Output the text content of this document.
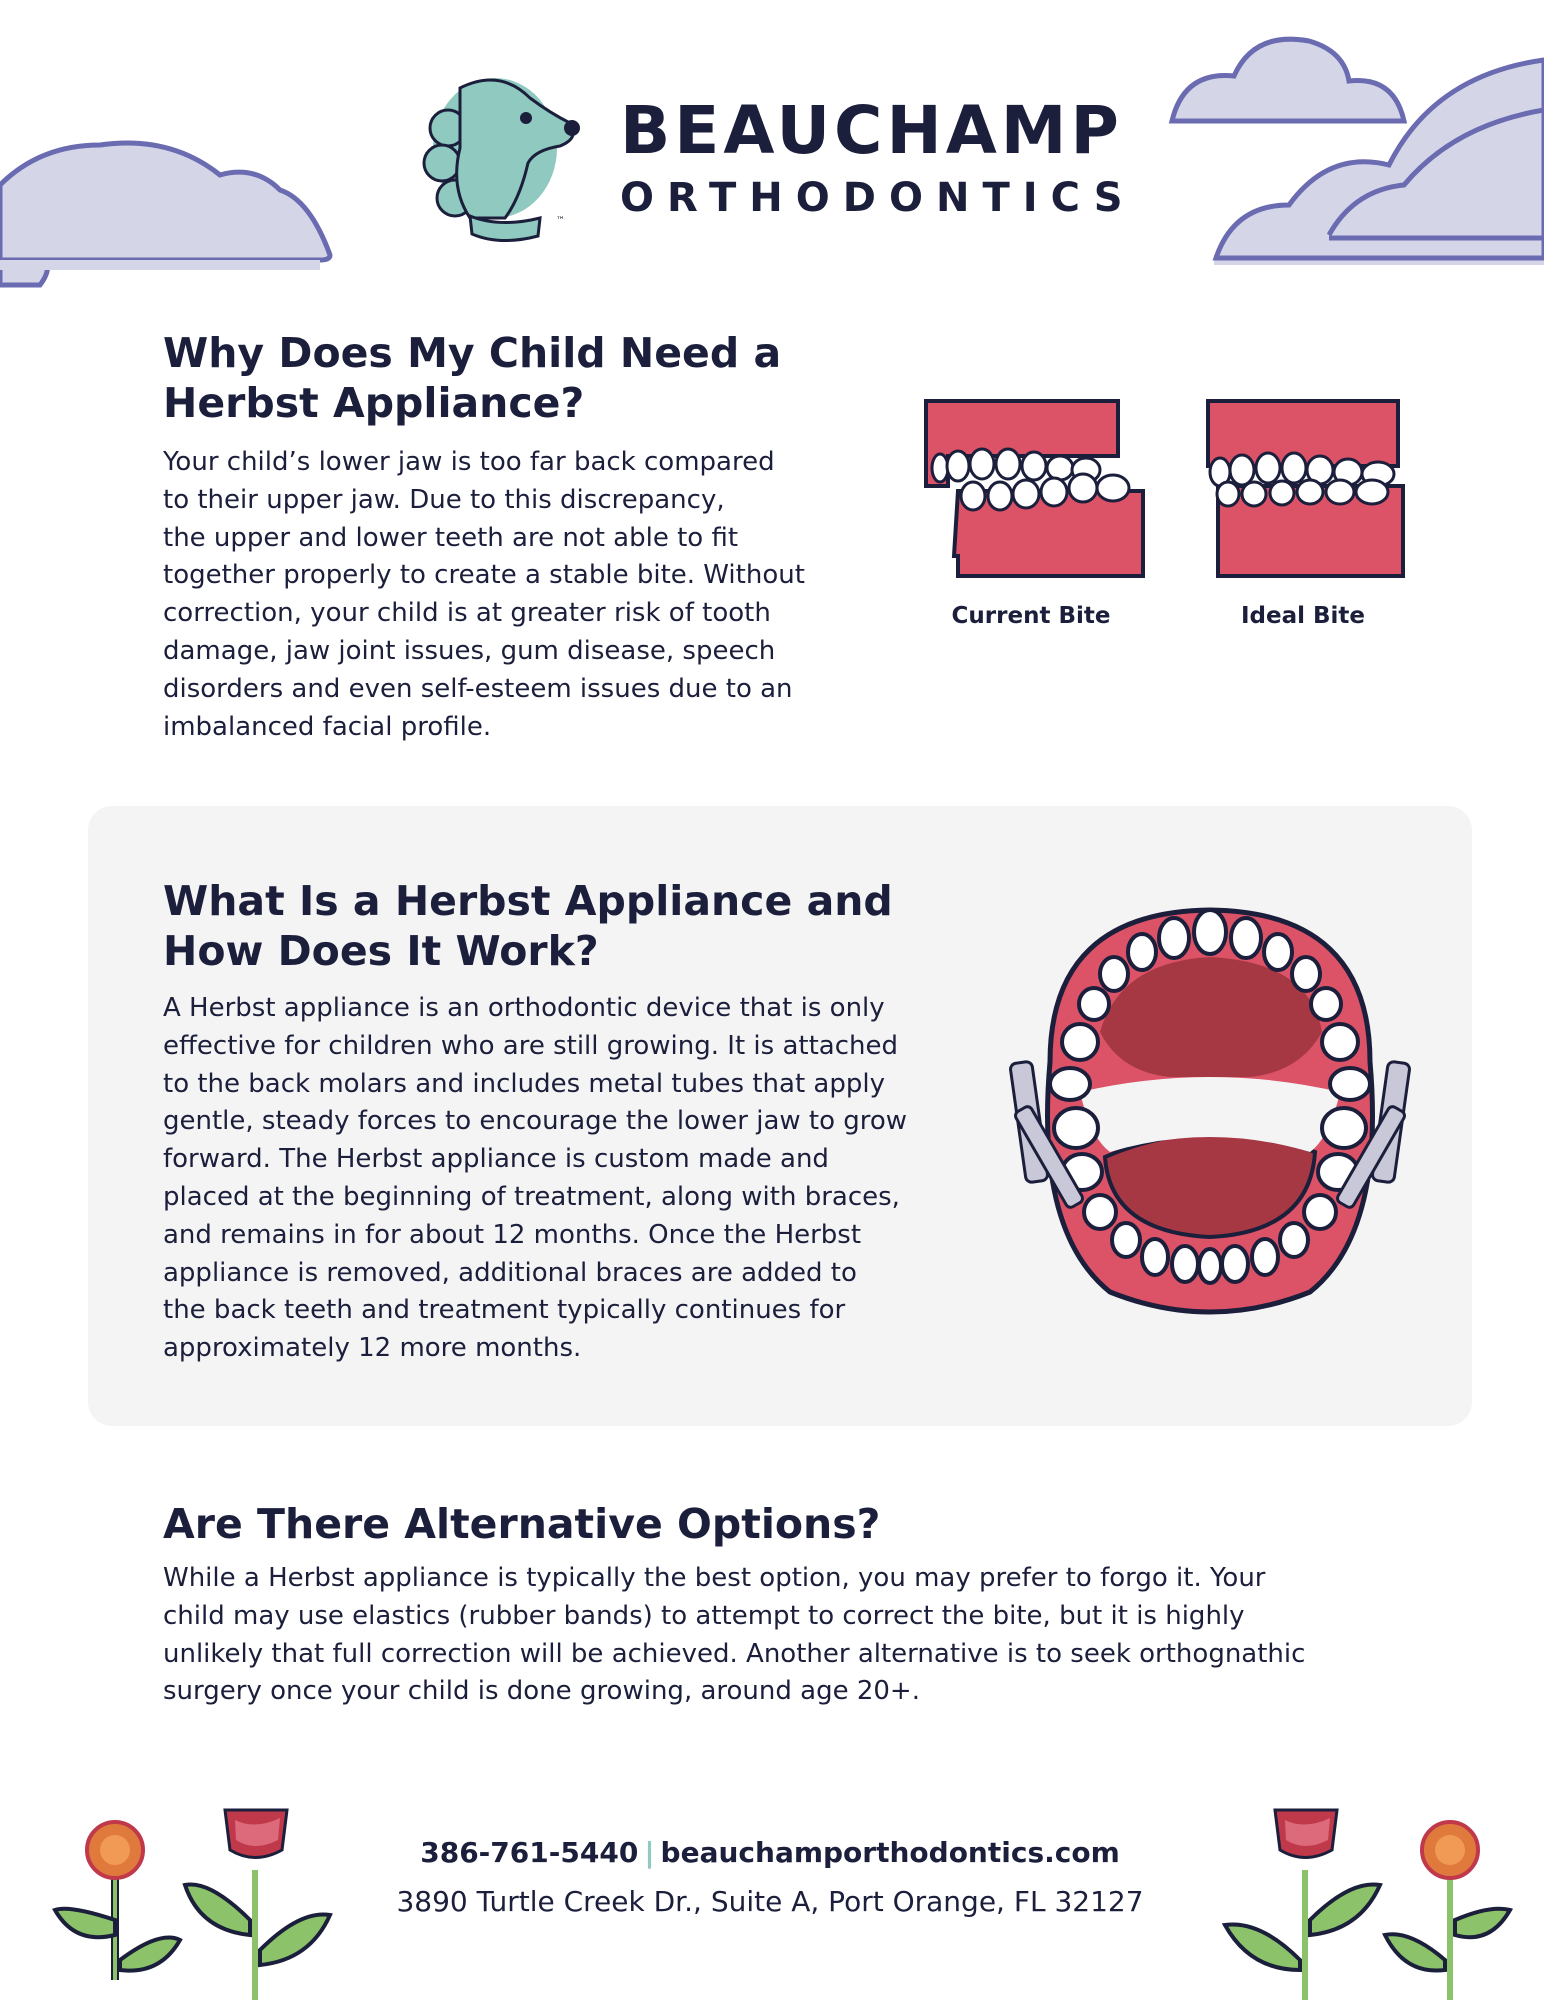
BEAUCHAMP
ORTHODONTICS
™
Why Does My Child Need a
Herbst Appliance?
Your child’s lower jaw is too far back compared
to their upper jaw. Due to this discrepancy,
the upper and lower teeth are not able to fit
together properly to create a stable bite. Without
correction, your child is at greater risk of tooth
damage, jaw joint issues, gum disease, speech
disorders and even self-esteem issues due to an
imbalanced facial profile.
Current Bite	Ideal Bite
What Is a Herbst Appliance and
How Does It Work?
A Herbst appliance is an orthodontic device that is only
effective for children who are still growing. It is attached
to the back molars and includes metal tubes that apply
gentle, steady forces to encourage the lower jaw to grow
forward. The Herbst appliance is custom made and
placed at the beginning of treatment, along with braces,
and remains in for about 12 months. Once the Herbst
appliance is removed, additional braces are added to
the back teeth and treatment typically continues for
approximately 12 more months.
Are There Alternative Options?
While a Herbst appliance is typically the best option, you may prefer to forgo it. Your
child may use elastics (rubber bands) to attempt to correct the bite, but it is highly
unlikely that full correction will be achieved. Another alternative is to seek orthognathic
surgery once your child is done growing, around age 20+.
386-761-5440 | beauchamporthodontics.com
3890 Turtle Creek Dr., Suite A, Port Orange, FL 32127
